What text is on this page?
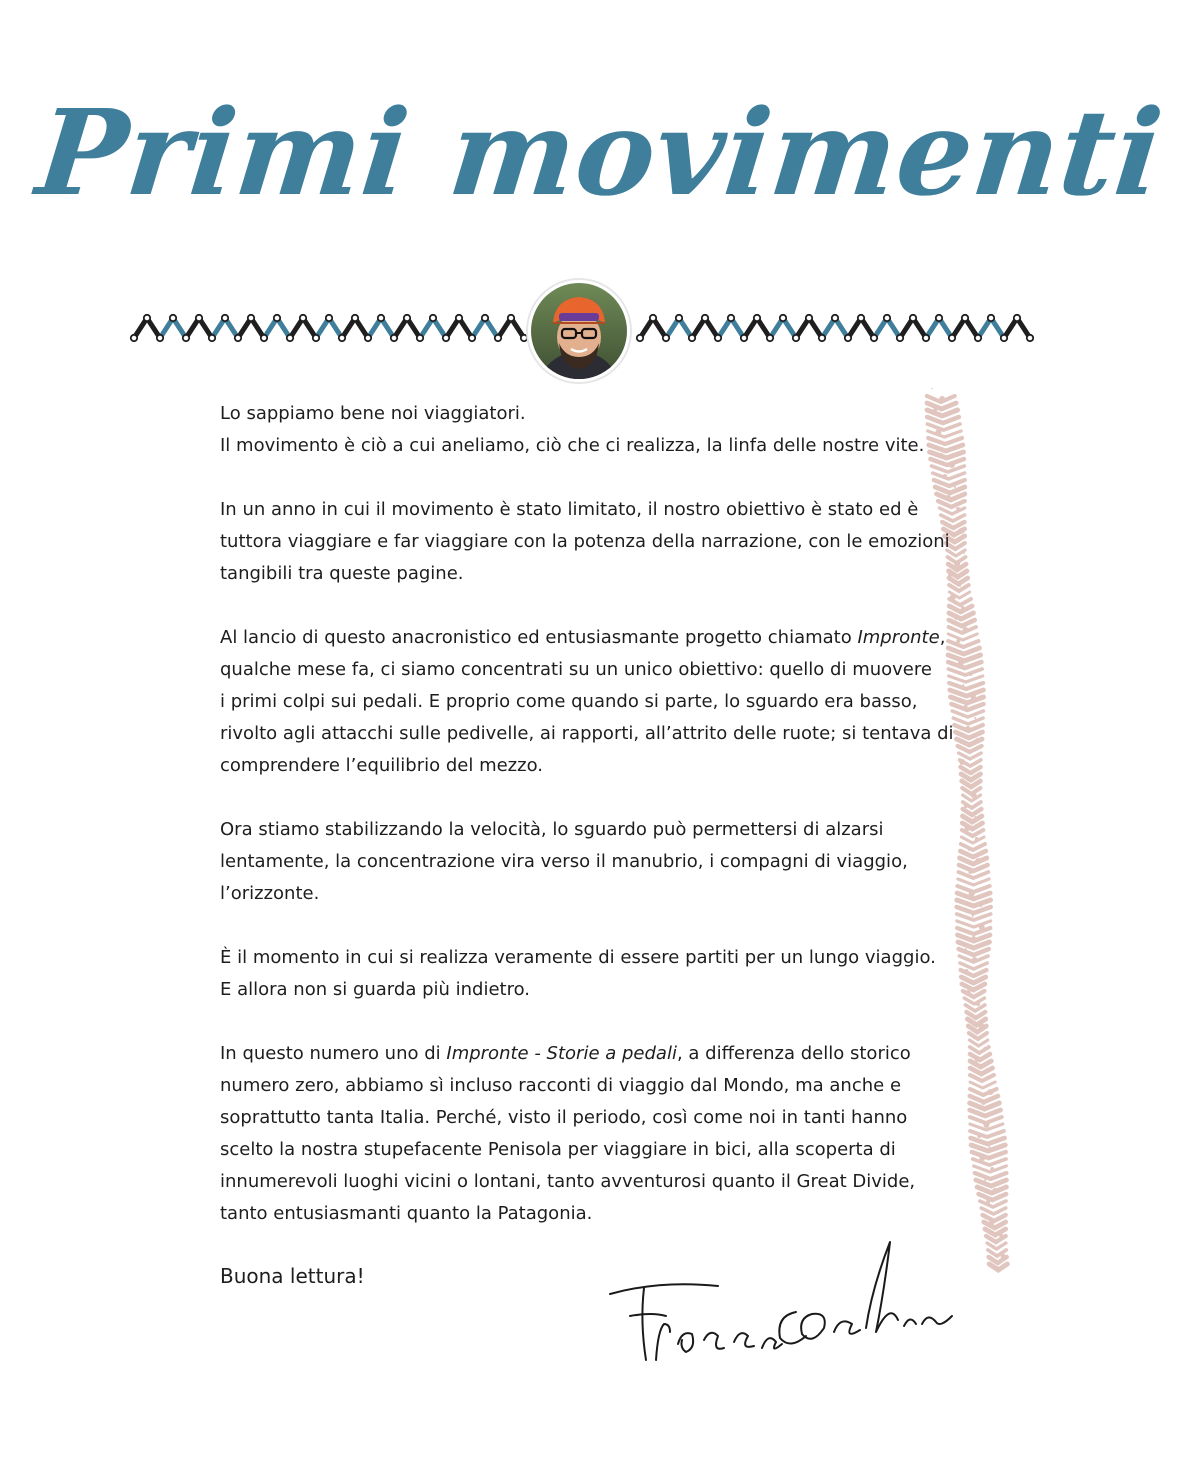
Primi movimenti

Lo sappiamo bene noi viaggiatori.
Il movimento è ciò a cui aneliamo, ciò che ci realizza, la linfa delle nostre vite.

In un anno in cui il movimento è stato limitato, il nostro obiettivo è stato ed è
tuttora viaggiare e far viaggiare con la potenza della narrazione, con le emozioni
tangibili tra queste pagine.

Al lancio di questo anacronistico ed entusiasmante progetto chiamato Impronte,
qualche mese fa, ci siamo concentrati su un unico obiettivo: quello di muovere
i primi colpi sui pedali. E proprio come quando si parte, lo sguardo era basso,
rivolto agli attacchi sulle pedivelle, ai rapporti, all’attrito delle ruote; si tentava di
comprendere l’equilibrio del mezzo.

Ora stiamo stabilizzando la velocità, lo sguardo può permettersi di alzarsi
lentamente, la concentrazione vira verso il manubrio, i compagni di viaggio,
l’orizzonte.

È il momento in cui si realizza veramente di essere partiti per un lungo viaggio.
E allora non si guarda più indietro.

In questo numero uno di Impronte - Storie a pedali, a differenza dello storico
numero zero, abbiamo sì incluso racconti di viaggio dal Mondo, ma anche e
soprattutto tanta Italia. Perché, visto il periodo, così come noi in tanti hanno
scelto la nostra stupefacente Penisola per viaggiare in bici, alla scoperta di
innumerevoli luoghi vicini o lontani, tanto avventurosi quanto il Great Divide,
tanto entusiasmanti quanto la Patagonia.

Buona lettura!

Francesco Bordin
